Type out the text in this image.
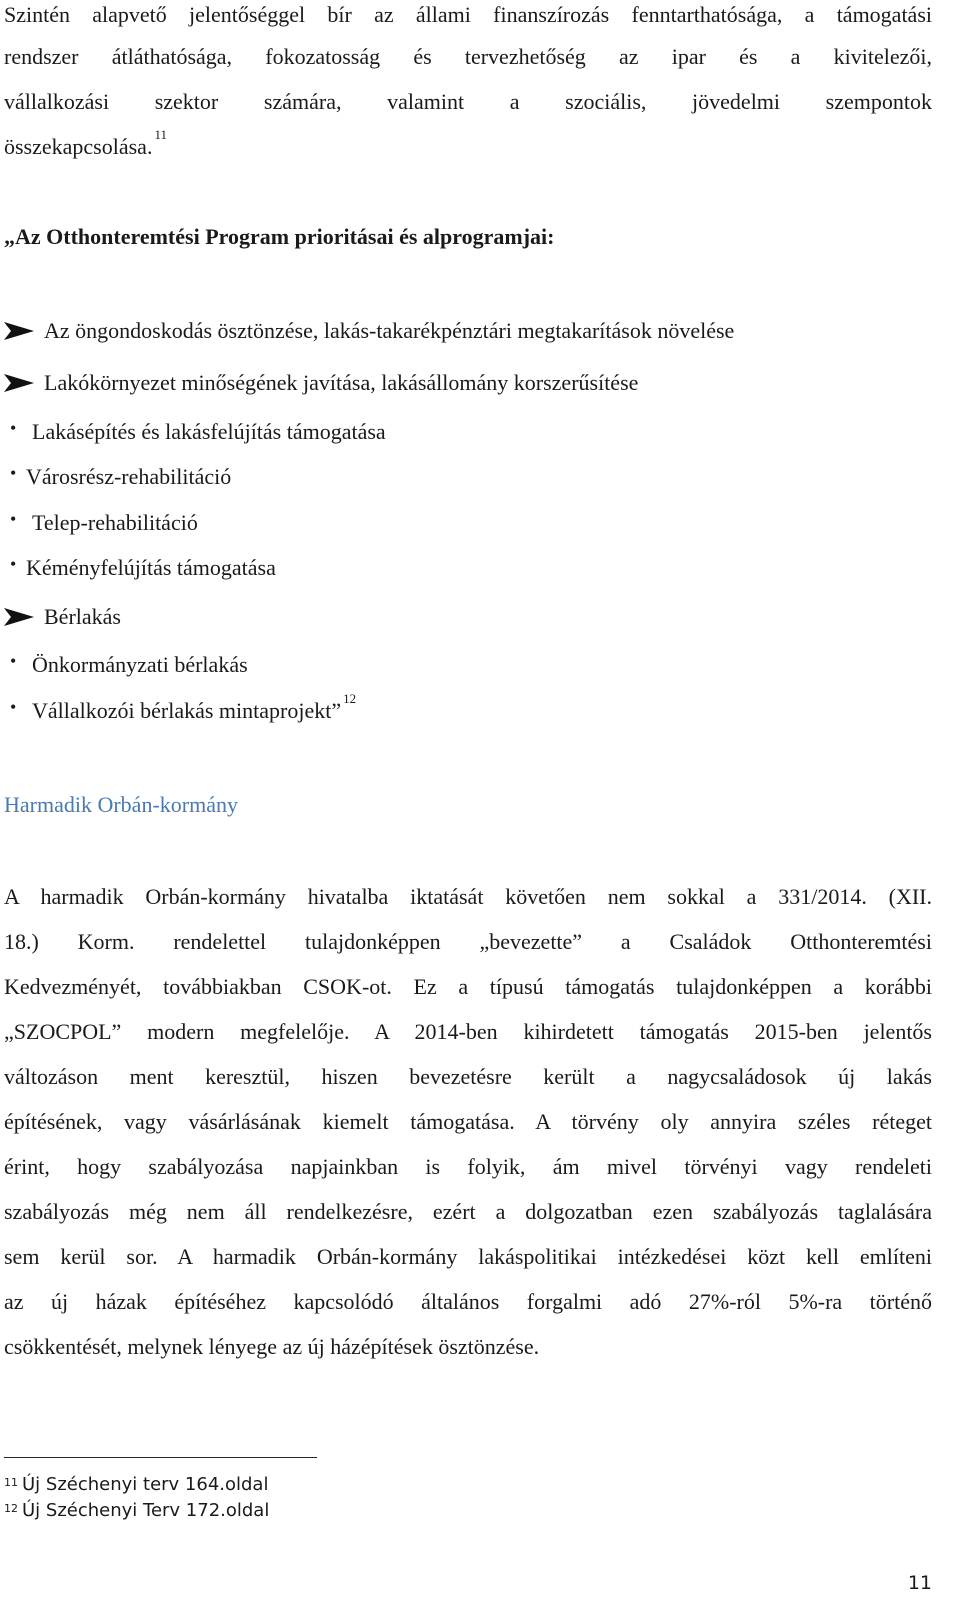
Szintén alapvető jelentőséggel bír az állami finanszírozás fenntarthatósága, a támogatási
rendszer átláthatósága, fokozatosság és tervezhetőség az ipar és a kivitelezői,
vállalkozási szektor számára, valamint a szociális, jövedelmi szempontok
összekapcsolása. $^{11}$
„Az Otthonteremtési Program prioritásai és alprogramjai:
Az öngondoskodás ösztönzése, lakás-takarékpénztári megtakarítások növelése
Lakókörnyezet minőségének javítása, lakásállomány korszerűsítése
• Lakásépítés és lakásfelújítás támogatása
• Városrész-rehabilitáció
• Telep-rehabilitáció
• Kéményfelújítás támogatása
Bérlakás
• Önkormányzati bérlakás
• Vállalkozói bérlakás mintaprojekt” $^{12}$
Harmadik Orbán-kormány
A harmadik Orbán-kormány hivatalba iktatását követően nem sokkal a 331/2014. (XII.
18.) Korm. rendelettel tulajdonképpen „bevezette” a Családok Otthonteremtési
Kedvezményét, továbbiakban CSOK-ot. Ez a típusú támogatás tulajdonképpen a korábbi
„SZOCPOL” modern megfelelője. A 2014-ben kihirdetett támogatás 2015-ben jelentős
változáson ment keresztül, hiszen bevezetésre került a nagycsaládosok új lakás
építésének, vagy vásárlásának kiemelt támogatása. A törvény oly annyira széles réteget
érint, hogy szabályozása napjainkban is folyik, ám mivel törvényi vagy rendeleti
szabályozás még nem áll rendelkezésre, ezért a dolgozatban ezen szabályozás taglalására
sem kerül sor. A harmadik Orbán-kormány lakáspolitikai intézkedései közt kell említeni
az új házak építéséhez kapcsolódó általános forgalmi adó 27%-ról 5%-ra történő
csökkentését, melynek lényege az új házépítések ösztönzése.
$^{11}$ Új Széchenyi terv 164.oldal
$^{12}$ Új Széchenyi Terv 172.oldal
11
